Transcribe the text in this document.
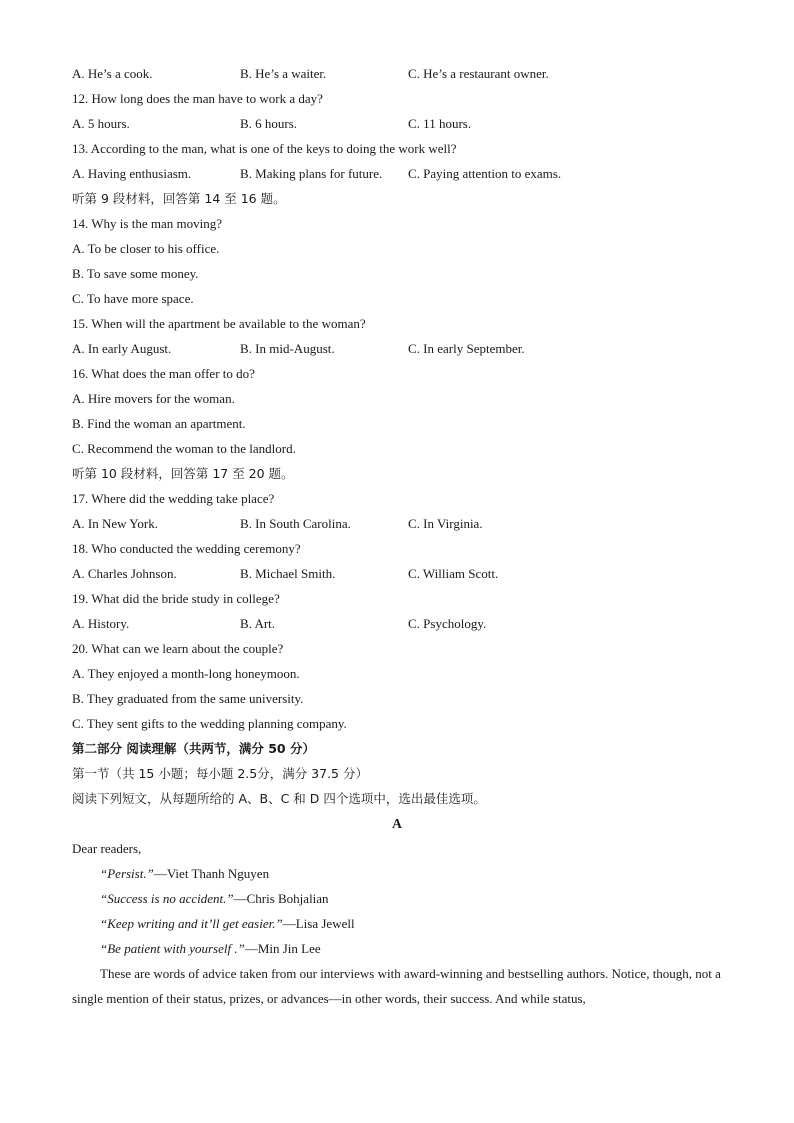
A. He’s a cook.	B. He’s a waiter.	C. He’s a restaurant owner.
12. How long does the man have to work a day?
A. 5 hours.	B. 6 hours.	C. 11 hours.
13. According to the man, what is one of the keys to doing the work well?
A. Having enthusiasm.	B. Making plans for future. C. Paying attention to exams.
听第 9 段材料，回答第 14 至 16 题。
14. Why is the man moving?
A. To be closer to his office.
B. To save some money.
C. To have more space.
15. When will the apartment be available to the woman?
A. In early August.	B. In mid-August.	C. In early September.
16. What does the man offer to do?
A. Hire movers for the woman.
B. Find the woman an apartment.
C. Recommend the woman to the landlord.
听第 10 段材料，回答第 17 至 20 题。
17. Where did the wedding take place?
A. In New York.	B. In South Carolina.	C. In Virginia.
18. Who conducted the wedding ceremony?
A. Charles Johnson.	B. Michael Smith.	C. William Scott.
19. What did the bride study in college?
A. History.	B. Art.	C. Psychology.
20. What can we learn about the couple?
A. They enjoyed a month-long honeymoon.
B. They graduated from the same university.
C. They sent gifts to the wedding planning company.
第二部分 阅读理解（共两节，满分 50 分）
第一节（共 15 小题；每小题 2.5分，满分 37.5 分）
阅读下列短文，从每题所给的 A、B、C 和 D 四个选项中，选出最佳选项。
A
Dear readers,
“Persist.”—Viet Thanh Nguyen
“Success is no accident.”—Chris Bohjalian
“Keep writing and it’ll get easier.”—Lisa Jewell
“Be patient with yourself .”—Min Jin Lee
These are words of advice taken from our interviews with award-winning and bestselling authors. Notice, though, not a single mention of their status, prizes, or advances—in other words, their success. And while status,
